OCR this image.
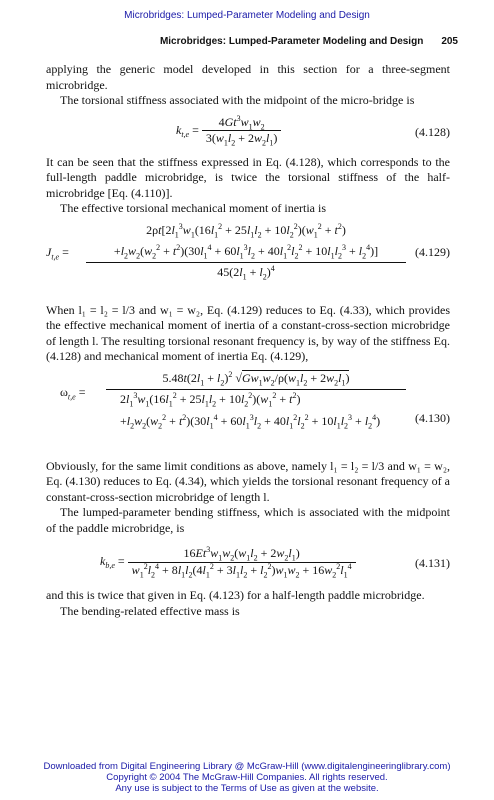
Microbridges: Lumped-Parameter Modeling and Design
Microbridges: Lumped-Parameter Modeling and Design 205

applying the generic model developed in this section for a three-segment microbridge.

The torsional stiffness associated with the midpoint of the micro-bridge is

$k_{t,e} = \frac{4Gt^3w_1w_2}{3(w_1l_2 + 2w_2l_1)}$	(4.128)

It can be seen that the stiffness expressed in Eq. (4.128), which corresponds to the full-length paddle microbridge, is twice the torsional stiffness of the half-microbridge [Eq. (4.110)].

The effective torsional mechanical moment of inertia is

$J_{t,e}$ =
$2\rho t[2l_1^3w_1(16l_1^2 + 25l_1l_2 + 10l_2^2)(w_1^2 + t^2)$
$+l_2w_2(w_2^2 + t^2)(30l_1^4 + 60l_1^3l_2 + 40l_1^2l_2^2 + 10l_1l_2^3 + l_2^4)$]
$45(2l_1 + l_2)^4$
(4.129)

When l₁ = l₂ = l/3 and w₁ = w₂, Eq. (4.129) reduces to Eq. (4.33), which provides the effective mechanical moment of inertia of a constant-cross-section microbridge of length l. The resulting torsional resonant frequency is, by way of the stiffness Eq. (4.128) and mechanical moment of inertia Eq. (4.129),

$\omega_{t,e}$ =
$5.48t(2l_1 + l_2)^2$ $√Gw_1w_2/\rho(w_1l_2 + 2w_2l_1)$
$2l_1^3w_1(16l_1^2 + 25l_1l_2 + 10l_2^2)(w_1^2 + t^2)$
$+l_2w_2(w_2^2 + t^2)(30l_1^4 + 60l_1^3l_2 + 40l_1^2l_2^2 + 10l_1l_2^3 + l_2^4)$	(4.130)

Obviously, for the same limit conditions as above, namely l₁ = l₂ = l/3 and w₁ = w₂, Eq. (4.130) reduces to Eq. (4.34), which yields the torsional resonant frequency of a constant-cross-section microbridge of length l.

The lumped-parameter bending stiffness, which is associated with the midpoint of the paddle microbridge, is

$k_{b,e} = \frac{16Et^3w_1w_2(w_1l_2 + 2w_2l_1)}{w_1^2l_2^4 + 8l_1l_2(4l_1^2 + 3l_1l_2 + l_2^2)w_1w_2 + 16w_2^2l_1^4}$	(4.131)

and this is twice that given in Eq. (4.123) for a half-length paddle microbridge.

The bending-related effective mass is

Downloaded from Digital Engineering Library @ McGraw-Hill (www.digitalengineeringlibrary.com)
Copyright © 2004 The McGraw-Hill Companies. All rights reserved.
Any use is subject to the Terms of Use as given at the website.
